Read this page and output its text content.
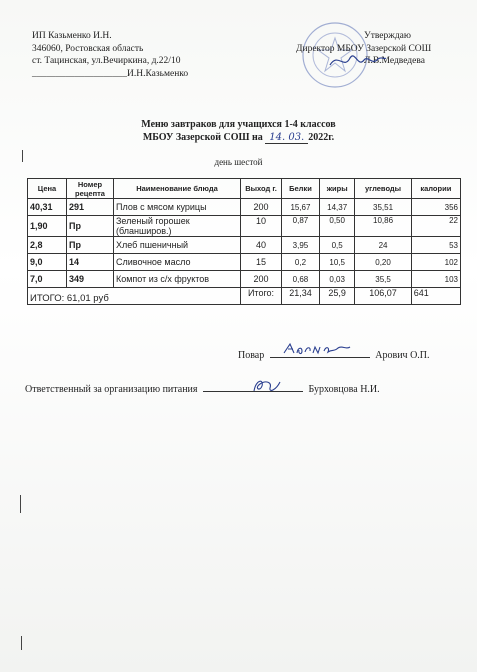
ИП Казьменко И.Н.
346060, Ростовская область
ст. Тацинская, ул.Вечиркина, д.22/10
____________________И.Н.Казьменко
Утверждаю
Директор МБОУ Зазерской СОШ
Л.В.Медведева
Меню завтраков для учащихся 1-4 классов
МБОУ Зазерской СОШ на 14. 03. 2022г.
день шестой
Цена	Номер рецепта	Наименование блюда	Выход г.	Белки	жиры	углеводы	калории
40,31	291	Плов с мясом курицы	200	15,67	14,37	35,51	356
1,90	Пр	Зеленый горошек (бланширов.)	10	0,87	0,50	10,86	22
2,8	Пр	Хлеб пшеничный	40	3,95	0,5	24	53
9,0	14	Сливочное масло	15	0,2	10,5	0,20	102
7,0	349	Компот из с/х фруктов	200	0,68	0,03	35,5	103
ИТОГО: 61,01 руб			Итого:	21,34	25,9	106,07	641
Повар	Арович О.П.
Ответственный за организацию питания	Бурховцова Н.И.
